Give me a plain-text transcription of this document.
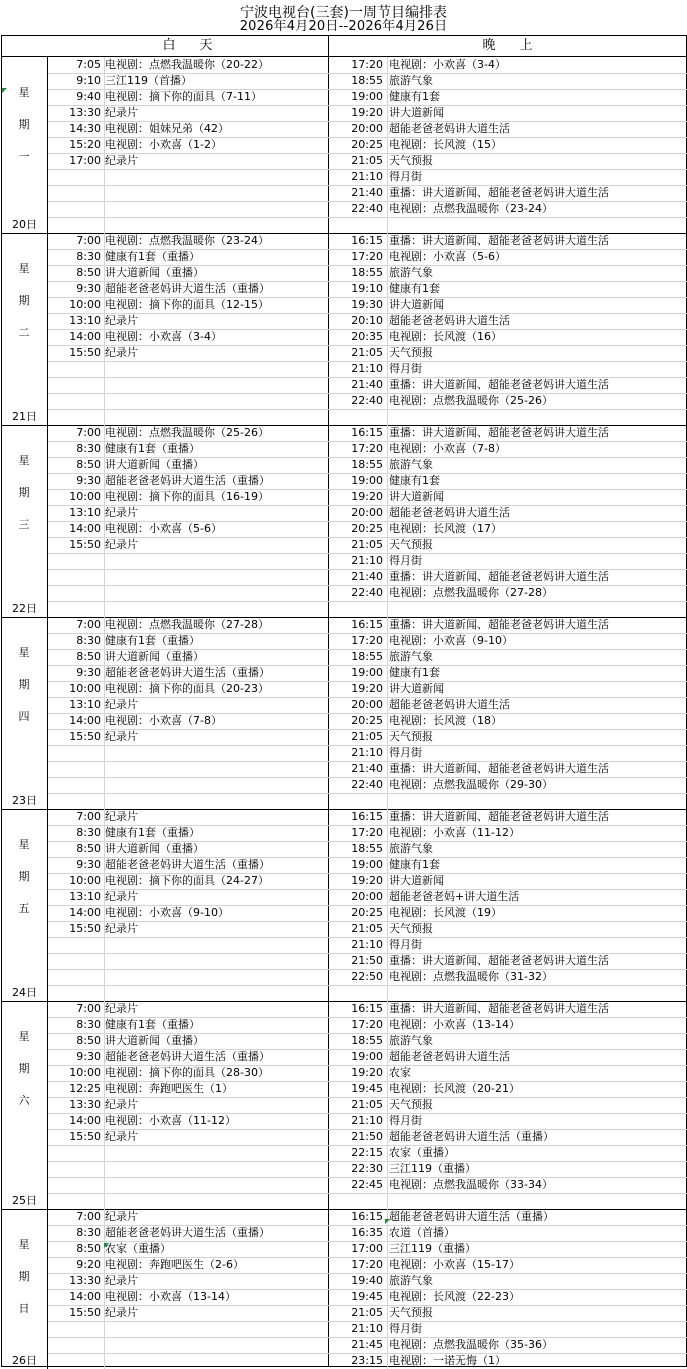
宁波电视台(三套)一周节目编排表
2026年4月20日--2026年4月26日
白天	晚上
星
期
一
20日
7:05 电视剧：点燃我温暖你（20-22）
9:10 三江119（首播）
9:40 电视剧：摘下你的面具（7-11）
13:30 纪录片
14:30 电视剧：姐妹兄弟（42）
15:20 电视剧：小欢喜（1-2）
17:00 纪录片
17:20 电视剧：小欢喜（3-4）
18:55 旅游气象
19:00 健康有1套
19:20 讲大道新闻
20:00 超能老爸老妈讲大道生活
20:25 电视剧：长风渡（15）
21:05 天气预报
21:10 得月街
21:40 重播：讲大道新闻、超能老爸老妈讲大道生活
22:40 电视剧：点燃我温暖你（23-24）
星
期
二
21日
7:00 电视剧：点燃我温暖你（23-24）
8:30 健康有1套（重播）
8:50 讲大道新闻（重播）
9:30 超能老爸老妈讲大道生活（重播）
10:00 电视剧：摘下你的面具（12-15）
13:10 纪录片
14:00 电视剧：小欢喜（3-4）
15:50 纪录片
16:15 重播：讲大道新闻、超能老爸老妈讲大道生活
17:20 电视剧：小欢喜（5-6）
18:55 旅游气象
19:10 健康有1套
19:30 讲大道新闻
20:10 超能老爸老妈讲大道生活
20:35 电视剧：长风渡（16）
21:05 天气预报
21:10 得月街
21:40 重播：讲大道新闻、超能老爸老妈讲大道生活
22:40 电视剧：点燃我温暖你（25-26）
星
期
三
22日
7:00 电视剧：点燃我温暖你（25-26）
8:30 健康有1套（重播）
8:50 讲大道新闻（重播）
9:30 超能老爸老妈讲大道生活（重播）
10:00 电视剧：摘下你的面具（16-19）
13:10 纪录片
14:00 电视剧：小欢喜（5-6）
15:50 纪录片
16:15 重播：讲大道新闻、超能老爸老妈讲大道生活
17:20 电视剧：小欢喜（7-8）
18:55 旅游气象
19:00 健康有1套
19:20 讲大道新闻
20:00 超能老爸老妈讲大道生活
20:25 电视剧：长风渡（17）
21:05 天气预报
21:10 得月街
21:40 重播：讲大道新闻、超能老爸老妈讲大道生活
22:40 电视剧：点燃我温暖你（27-28）
星
期
四
23日
7:00 电视剧：点燃我温暖你（27-28）
8:30 健康有1套（重播）
8:50 讲大道新闻（重播）
9:30 超能老爸老妈讲大道生活（重播）
10:00 电视剧：摘下你的面具（20-23）
13:10 纪录片
14:00 电视剧：小欢喜（7-8）
15:50 纪录片
16:15 重播：讲大道新闻、超能老爸老妈讲大道生活
17:20 电视剧：小欢喜（9-10）
18:55 旅游气象
19:00 健康有1套
19:20 讲大道新闻
20:00 超能老爸老妈讲大道生活
20:25 电视剧：长风渡（18）
21:05 天气预报
21:10 得月街
21:40 重播：讲大道新闻、超能老爸老妈讲大道生活
22:40 电视剧：点燃我温暖你（29-30）
星
期
五
24日
7:00 纪录片
8:30 健康有1套（重播）
8:50 讲大道新闻（重播）
9:30 超能老爸老妈讲大道生活（重播）
10:00 电视剧：摘下你的面具（24-27）
13:10 纪录片
14:00 电视剧：小欢喜（9-10）
15:50 纪录片
16:15 重播：讲大道新闻、超能老爸老妈讲大道生活
17:20 电视剧：小欢喜（11-12）
18:55 旅游气象
19:00 健康有1套
19:20 讲大道新闻
20:00 超能老爸老妈+讲大道生活
20:25 电视剧：长风渡（19）
21:05 天气预报
21:10 得月街
21:50 重播：讲大道新闻、超能老爸老妈讲大道生活
22:50 电视剧：点燃我温暖你（31-32）
星
期
六
25日
7:00 纪录片
8:30 健康有1套（重播）
8:50 讲大道新闻（重播）
9:30 超能老爸老妈讲大道生活（重播）
10:00 电视剧：摘下你的面具（28-30）
12:25 电视剧：奔跑吧医生（1）
13:30 纪录片
14:00 电视剧：小欢喜（11-12）
15:50 纪录片
16:15 重播：讲大道新闻、超能老爸老妈讲大道生活
17:20 电视剧：小欢喜（13-14）
18:55 旅游气象
19:00 超能老爸老妈讲大道生活
19:20 农家
19:45 电视剧：长风渡（20-21）
21:05 天气预报
21:10 得月街
21:50 超能老爸老妈讲大道生活（重播）
22:15 农家（重播）
22:30 三江119（重播）
22:45 电视剧：点燃我温暖你（33-34）
星
期
日
26日
7:00 纪录片
8:30 超能老爸老妈讲大道生活（重播）
8:50 农家（重播）
9:20 电视剧：奔跑吧医生（2-6）
13:30 纪录片
14:00 电视剧：小欢喜（13-14）
15:50 纪录片
16:15 超能老爸老妈讲大道生活（重播）
16:35 农道（首播）
17:00 三江119（重播）
17:20 电视剧：小欢喜（15-17）
19:40 旅游气象
19:45 电视剧：长风渡（22-23）
21:05 天气预报
21:10 得月街
21:45 电视剧：点燃我温暖你（35-36）
23:15 电视剧：一诺无悔（1）
